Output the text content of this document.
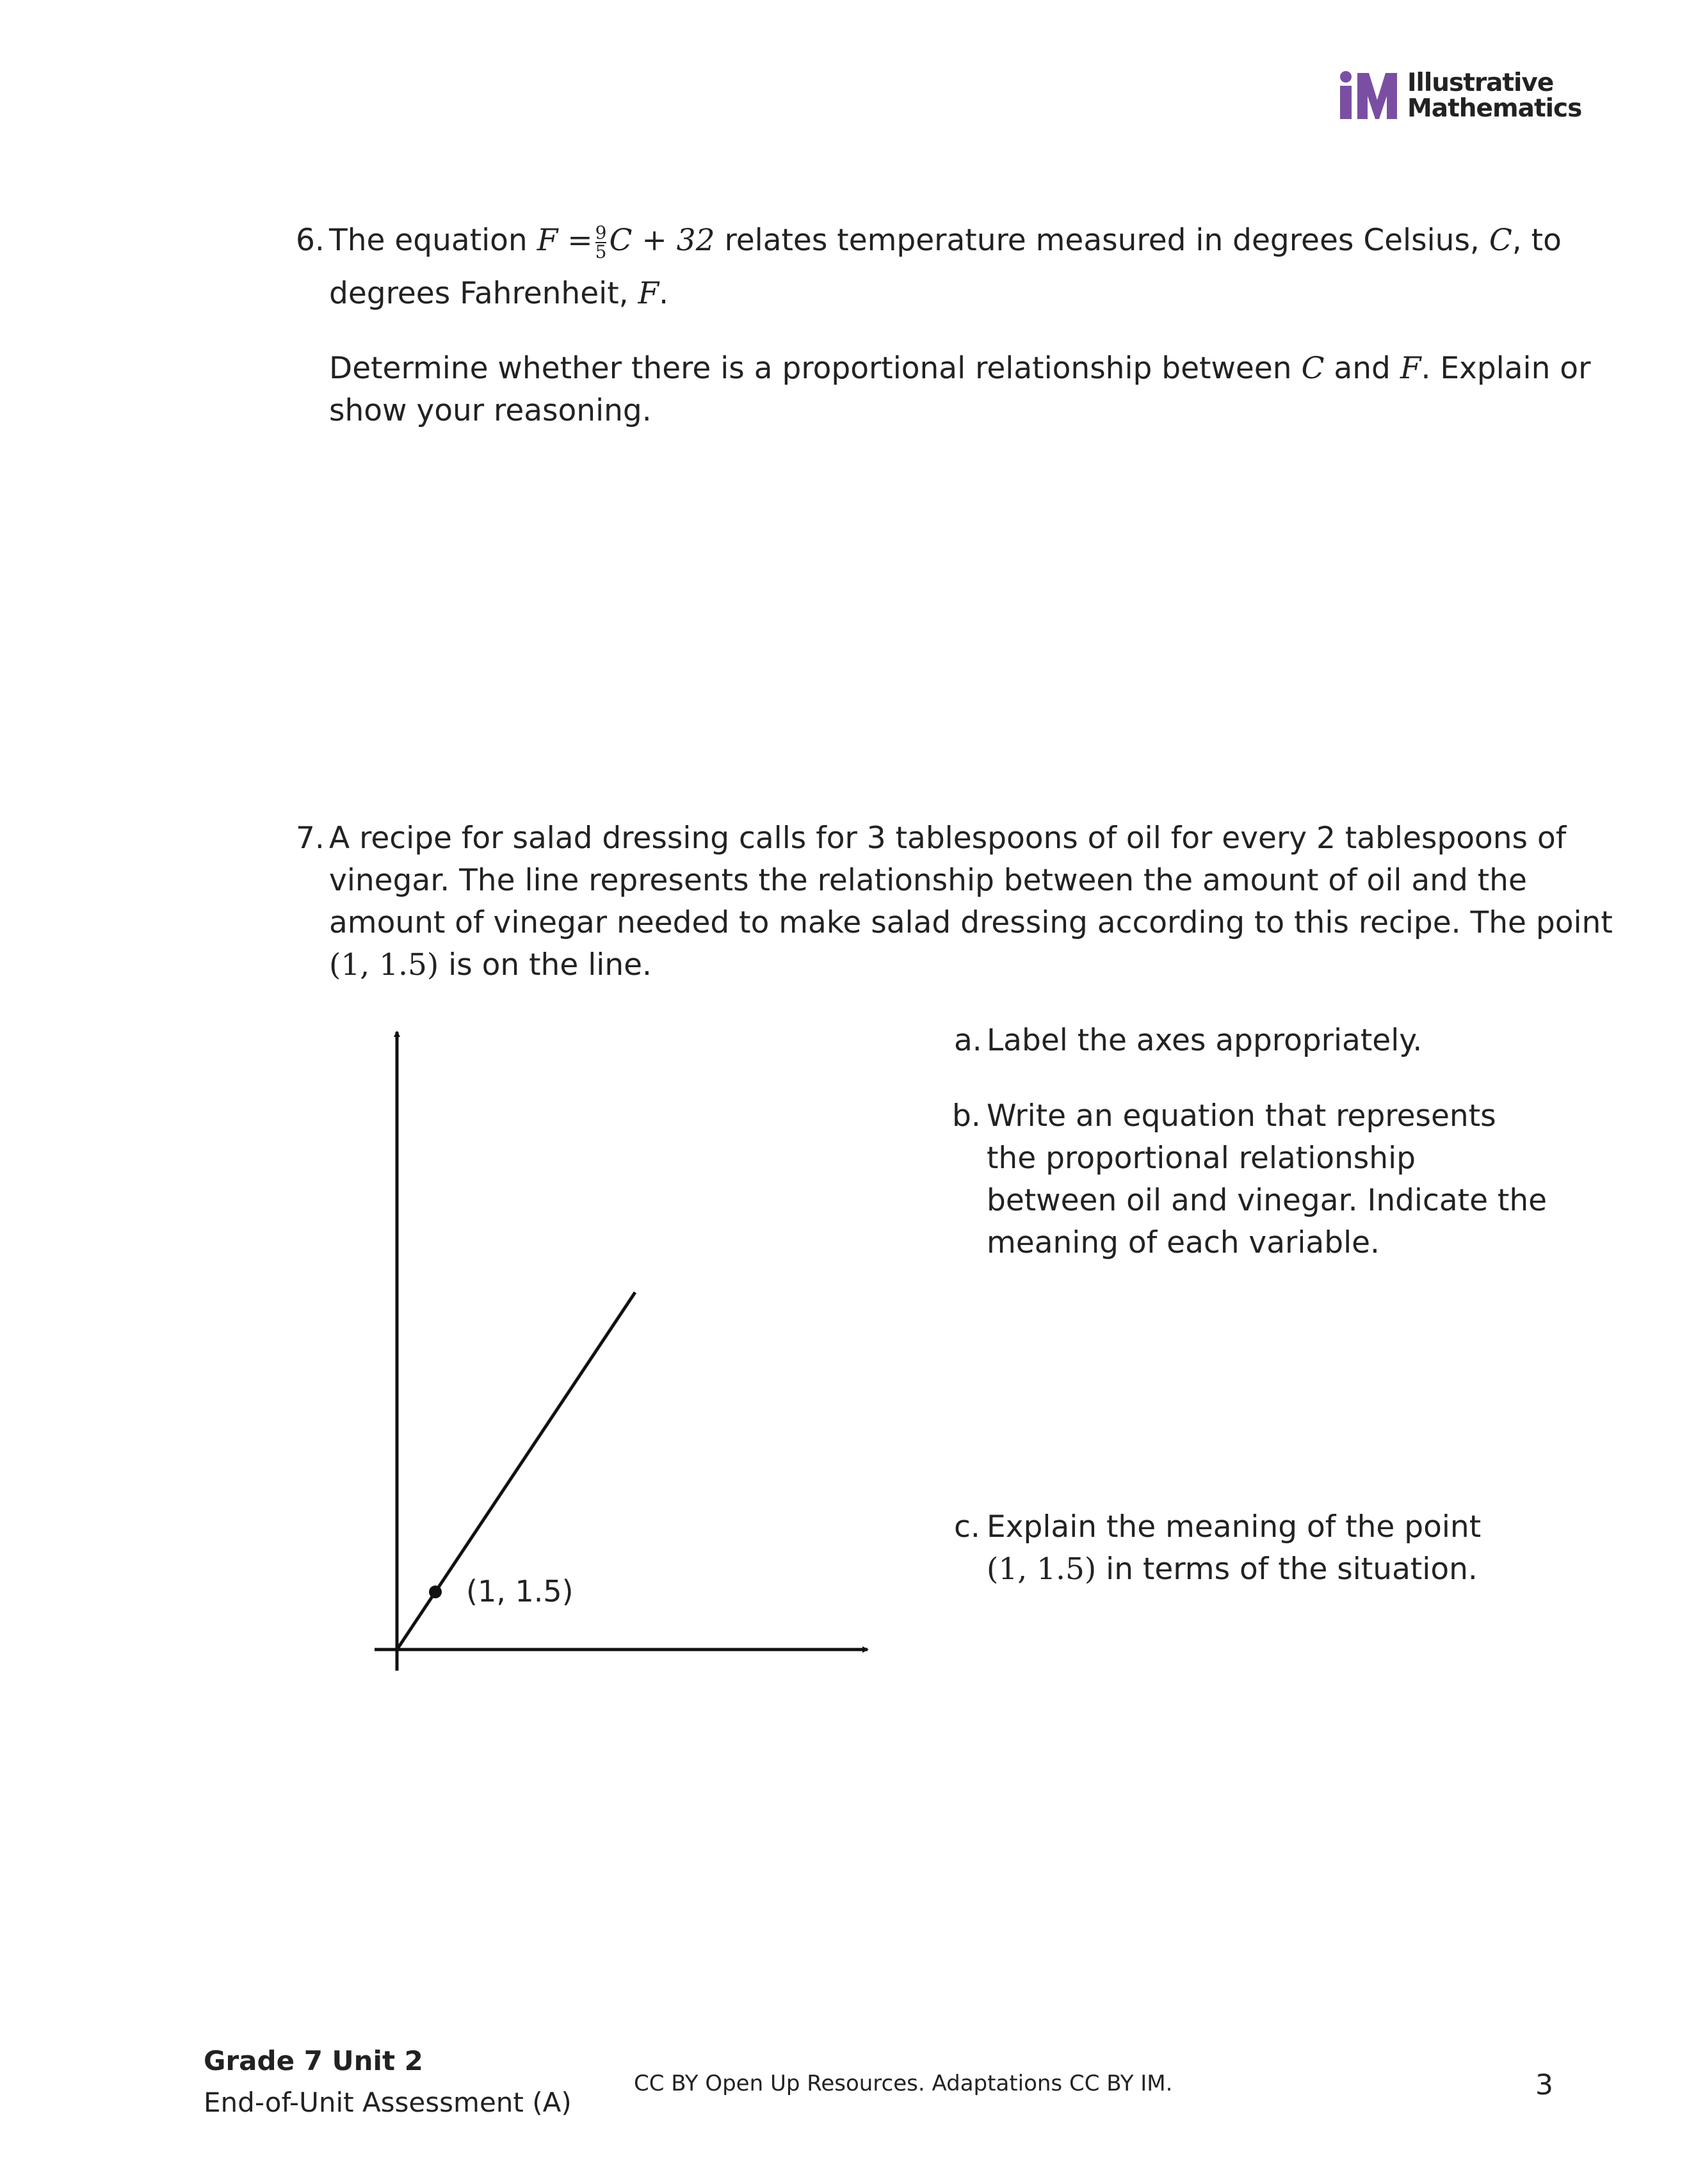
Illustrative
Mathematics
6. The equation $F = \frac{9}{5}$ C + 32 relates temperature measured in degrees Celsius, C, to
degrees Fahrenheit, F.
Determine whether there is a proportional relationship between C and F. Explain or
show your reasoning.
7. A recipe for salad dressing calls for 3 tablespoons of oil for every 2 tablespoons of
vinegar. The line represents the relationship between the amount of oil and the
amount of vinegar needed to make salad dressing according to this recipe. The point
(1, 1.5) is on the line.
a. Label the axes appropriately.
b. Write an equation that represents
the proportional relationship
between oil and vinegar. Indicate the
meaning of each variable.
c. Explain the meaning of the point
(1, 1.5) in terms of the situation.
(1, 1.5)
Grade 7 Unit 2
End-of-Unit Assessment (A)
CC BY Open Up Resources. Adaptations CC BY IM.	3
